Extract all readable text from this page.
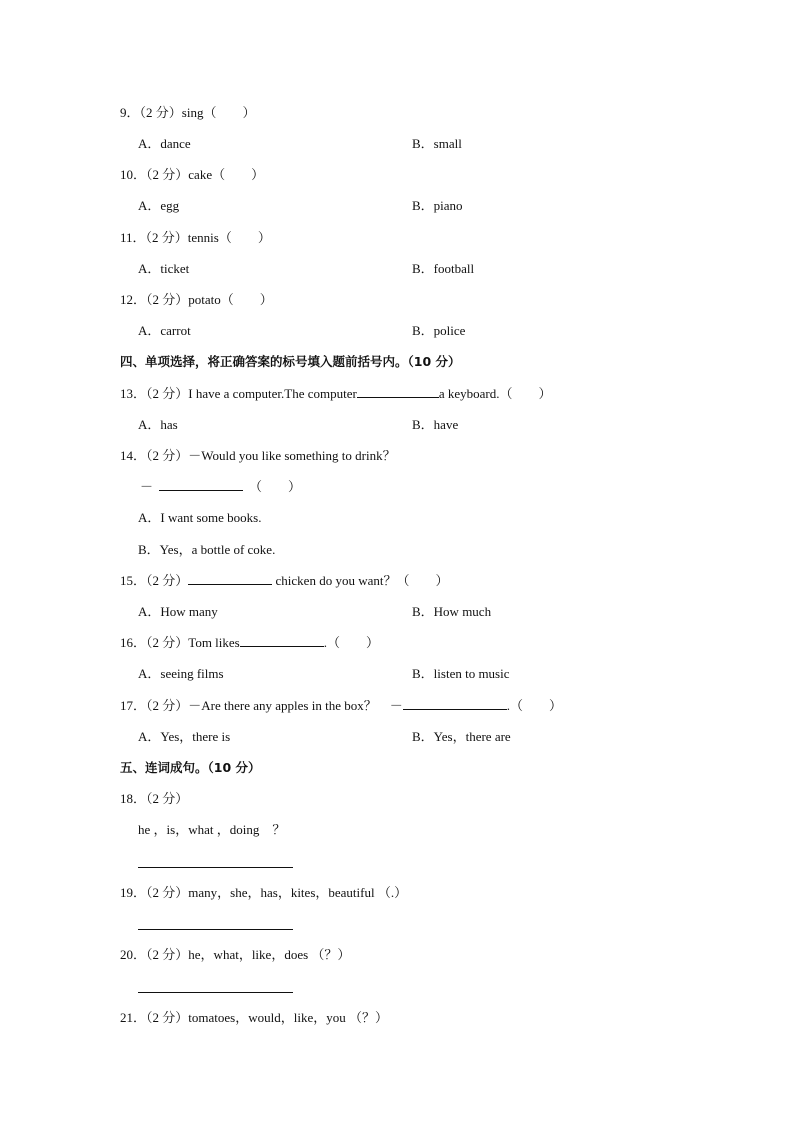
9．（2 分）sing（　　）
A．dance	B．small
10．（2 分）cake（　　）
A．egg	B．piano
11．（2 分）tennis（　　）
A．ticket	B．football
12．（2 分）potato（　　）
A．carrot	B．police
四、单项选择，将正确答案的标号填入题前括号内。（10 分）
13．（2 分）I have a computer.The computer	a keyboard.（　　）
A．has	B．have
14．（2 分）－Would you like something to drink？
－	（　　）
A．I want some books.
B．Yes，a bottle of coke.
15．（2 分）	chicken do you want？（　　）
A．How many	B．How much
16．（2 分）Tom likes	.（　　）
A．seeing films	B．listen to music
17．（2 分）－Are there any apples in the box？　－	.（　　）
A．Yes，there is	B．Yes，there are
五、连词成句。（10 分）
18．（2 分）
he ，is，what ，doing　？
19．（2 分）many，she，has，kites，beautiful （.）
20．（2 分）he，what，like，does （？）
21．（2 分）tomatoes，would，like，you （？）
